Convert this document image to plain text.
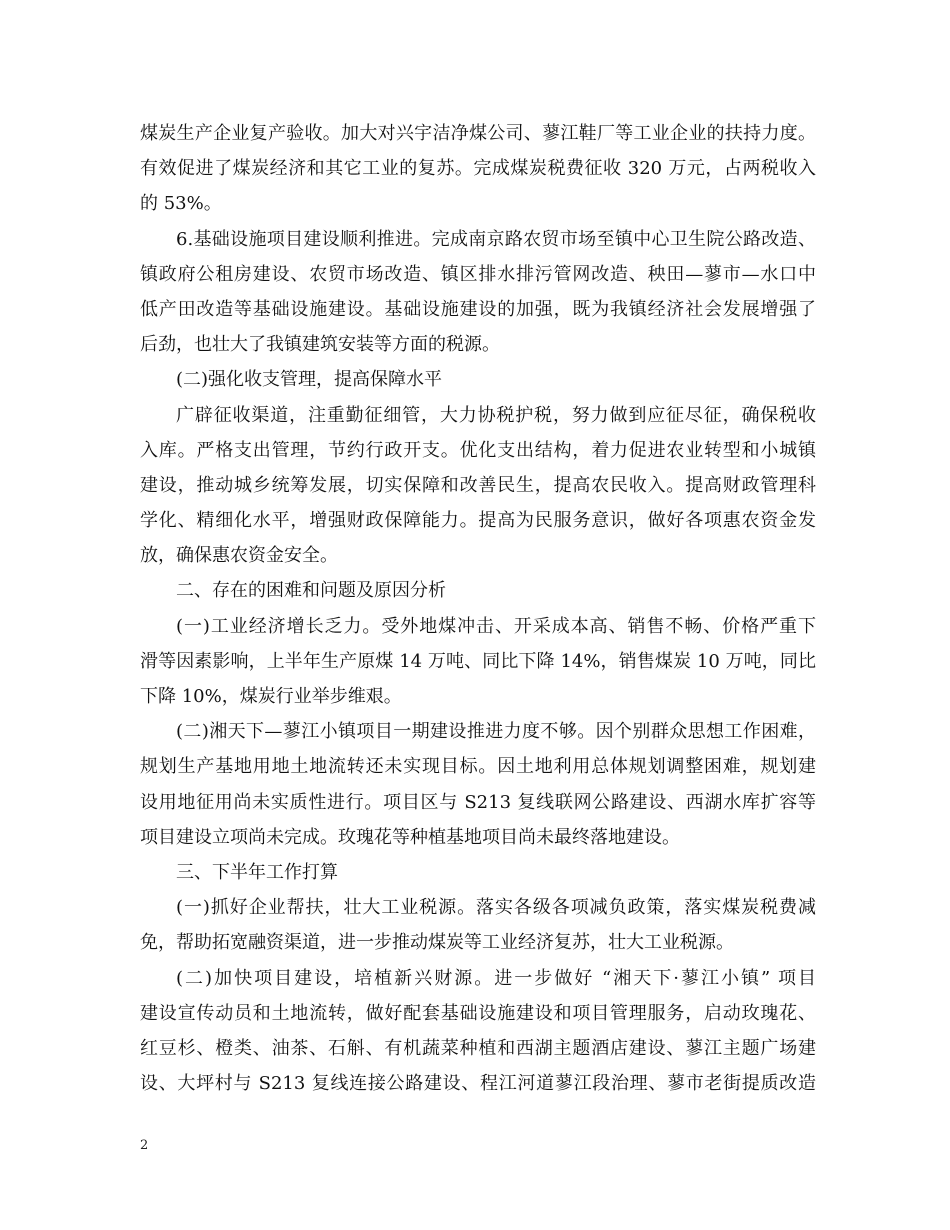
煤炭生产企业复产验收。加大对兴宇洁净煤公司、蓼江鞋厂等工业企业的扶持力度。
有效促进了煤炭经济和其它工业的复苏。完成煤炭税费征收 320 万元，占两税收入
的 53%。
6.基础设施项目建设顺利推进。完成南京路农贸市场至镇中心卫生院公路改造、
镇政府公租房建设、农贸市场改造、镇区排水排污管网改造、秧田—蓼市—水口中
低产田改造等基础设施建设。基础设施建设的加强，既为我镇经济社会发展增强了
后劲，也壮大了我镇建筑安装等方面的税源。
(二)强化收支管理，提高保障水平
广辟征收渠道，注重勤征细管，大力协税护税，努力做到应征尽征，确保税收
入库。严格支出管理，节约行政开支。优化支出结构，着力促进农业转型和小城镇
建设，推动城乡统筹发展，切实保障和改善民生，提高农民收入。提高财政管理科
学化、精细化水平，增强财政保障能力。提高为民服务意识，做好各项惠农资金发
放，确保惠农资金安全。
二、存在的困难和问题及原因分析
(一)工业经济增长乏力。受外地煤冲击、开采成本高、销售不畅、价格严重下
滑等因素影响，上半年生产原煤 14 万吨、同比下降 14%，销售煤炭 10 万吨，同比
下降 10%，煤炭行业举步维艰。
(二)湘天下—蓼江小镇项目一期建设推进力度不够。因个别群众思想工作困难，
规划生产基地用地土地流转还未实现目标。因土地利用总体规划调整困难，规划建
设用地征用尚未实质性进行。项目区与 S213 复线联网公路建设、西湖水库扩容等
项目建设立项尚未完成。玫瑰花等种植基地项目尚未最终落地建设。
三、下半年工作打算
(一)抓好企业帮扶，壮大工业税源。落实各级各项减负政策，落实煤炭税费减
免，帮助拓宽融资渠道，进一步推动煤炭等工业经济复苏，壮大工业税源。
(二)加快项目建设，培植新兴财源。进一步做好 “湘天下·蓼江小镇” 项目
建设宣传动员和土地流转，做好配套基础设施建设和项目管理服务，启动玫瑰花、
红豆杉、橙类、油茶、石斛、有机蔬菜种植和西湖主题酒店建设、蓼江主题广场建
设、大坪村与 S213 复线连接公路建设、程江河道蓼江段治理、蓼市老街提质改造
2
